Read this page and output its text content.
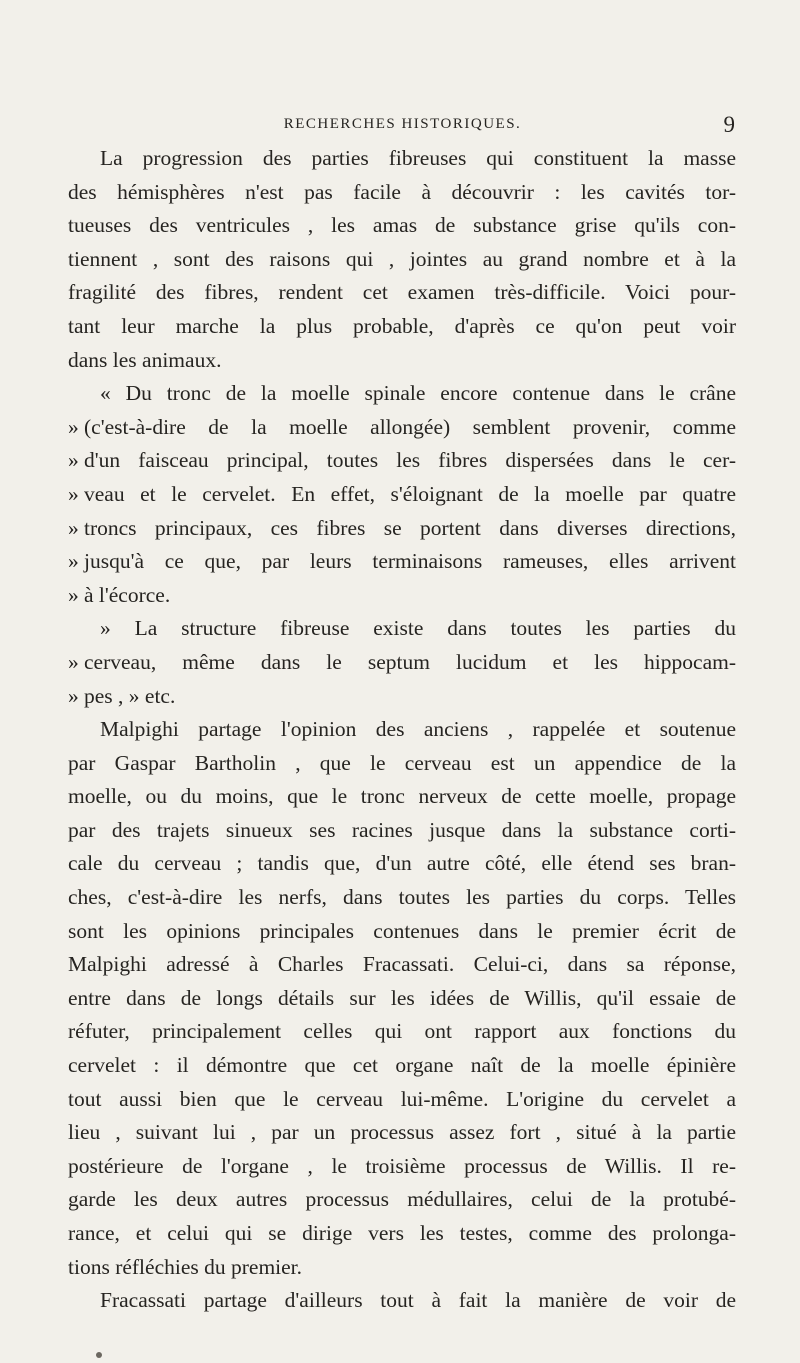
RECHERCHES HISTORIQUES.	9
La progression des parties fibreuses qui constituent la masse
des hémisphères n'est pas facile à découvrir : les cavités tor-
tueuses des ventricules , les amas de substance grise qu'ils con-
tiennent , sont des raisons qui , jointes au grand nombre et à la
fragilité des fibres, rendent cet examen très-difficile. Voici pour-
tant leur marche la plus probable, d'après ce qu'on peut voir
dans les animaux.
« Du tronc de la moelle spinale encore contenue dans le crâne
» (c'est-à-dire de la moelle allongée) semblent provenir, comme
» d'un faisceau principal, toutes les fibres dispersées dans le cer-
» veau et le cervelet. En effet, s'éloignant de la moelle par quatre
» troncs principaux, ces fibres se portent dans diverses directions,
» jusqu'à ce que, par leurs terminaisons rameuses, elles arrivent
» à l'écorce.
» La structure fibreuse existe dans toutes les parties du
» cerveau, même dans le septum lucidum et les hippocam-
» pes , » etc.
Malpighi partage l'opinion des anciens , rappelée et soutenue
par Gaspar Bartholin , que le cerveau est un appendice de la
moelle, ou du moins, que le tronc nerveux de cette moelle, propage
par des trajets sinueux ses racines jusque dans la substance corti-
cale du cerveau ; tandis que, d'un autre côté, elle étend ses bran-
ches, c'est-à-dire les nerfs, dans toutes les parties du corps. Telles
sont les opinions principales contenues dans le premier écrit de
Malpighi adressé à Charles Fracassati. Celui-ci, dans sa réponse,
entre dans de longs détails sur les idées de Willis, qu'il essaie de
réfuter, principalement celles qui ont rapport aux fonctions du
cervelet : il démontre que cet organe naît de la moelle épinière
tout aussi bien que le cerveau lui-même. L'origine du cervelet a
lieu , suivant lui , par un processus assez fort , situé à la partie
postérieure de l'organe , le troisième processus de Willis. Il re-
garde les deux autres processus médullaires, celui de la protubé-
rance, et celui qui se dirige vers les testes, comme des prolonga-
tions réfléchies du premier.
Fracassati partage d'ailleurs tout à fait la manière de voir de
